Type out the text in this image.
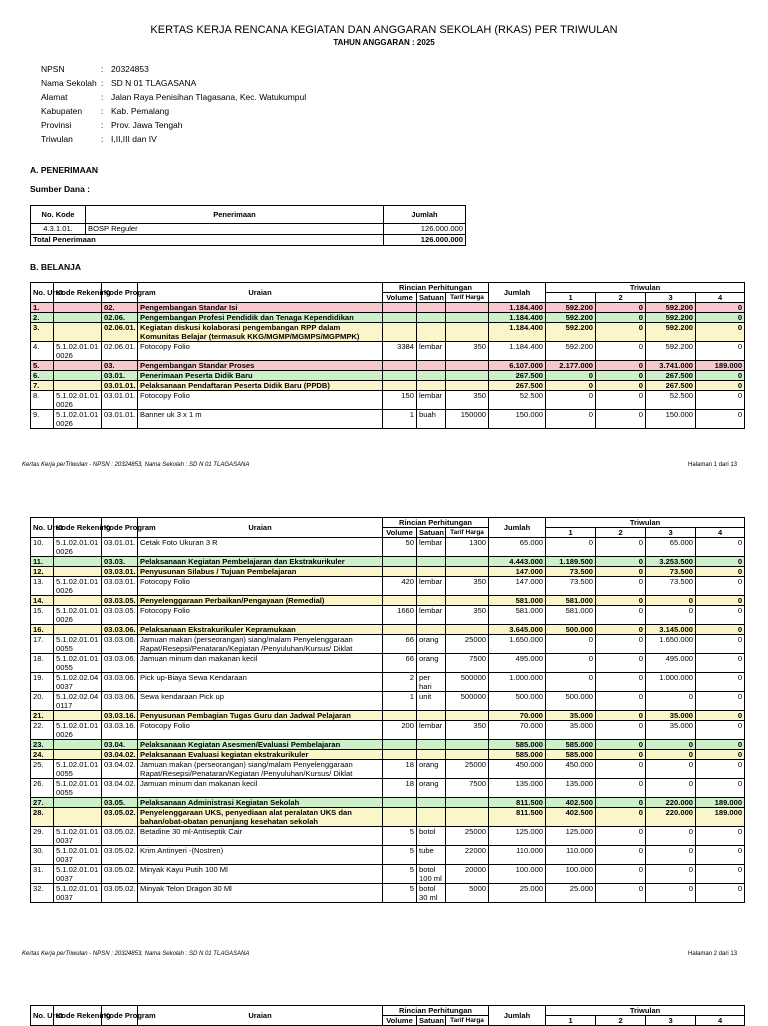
KERTAS KERJA RENCANA KEGIATAN DAN ANGGARAN SEKOLAH (RKAS) PER TRIWULAN
TAHUN ANGGARAN : 2025
NPSN	:	20324853
Nama Sekolah	:	SD N 01 TLAGASANA
Alamat	:	Jalan Raya Penisihan Tlagasana, Kec. Watukumpul
Kabupaten	:	Kab. Pemalang
Provinsi	:	Prov. Jawa Tengah
Triwulan	:	I,II,III dan IV
A. PENERIMAAN
Sumber Dana :
No. Kode	Penerimaan	Jumlah
4.3.1.01.	BOSP Reguler	126.000.000
Total Penerimaan		126.000.000
B. BELANJA
No. Urut	Kode Rekening	Kode Program	Uraian	Rincian Perhitungan			Jumlah	Triwulan			
				Volume	Satuan	Tarif Harga		1	2	3	4
1.		02.	Pengembangan Standar Isi				1.184.400	592.200	0	592.200	0
2.		02.06.	Pengembangan Profesi Pendidik dan Tenaga Kependidikan				1.184.400	592.200	0	592.200	0
3.		02.06.01.	Kegiatan diskusi kolaborasi pengembangan RPP dalam Komunitas Belajar (termasuk KKG/MGMP/MGMPS/MGPMPK)				1.184.400	592.200	0	592.200	0
4.	5.1.02.01.01 0026	02.06.01.	Fotocopy Folio	3384	lembar	350	1.184.400	592.200	0	592.200	0
5.		03.	Pengembangan Standar Proses				6.107.000	2.177.000	0	3.741.000	189.000
6.		03.01.	Penerimaan Peserta Didik Baru				267.500	0	0	267.500	0
7.		03.01.01.	Pelaksanaan Pendaftaran Peserta Didik Baru (PPDB)				267.500	0	0	267.500	0
8.	5.1.02.01.01 0026	03.01.01.	Fotocopy Folio	150	lembar	350	52.500	0	0	52.500	0
9.	5.1.02.01.01 0026	03.01.01.	Banner uk 3 x 1 m	1	buah	150000	150.000	0	0	150.000	0
Kertas Kerja perTriwulan - NPSN : 20324853, Nama Sekolah : SD N 01 TLAGASANA	Halaman 1 dari 13
No. Urut	Kode Rekening	Kode Program	Uraian	Rincian Perhitungan			Jumlah	Triwulan			
				Volume	Satuan	Tarif Harga		1	2	3	4
10.	5.1.02.01.01 0026	03.01.01.	Cetak Foto Ukuran 3 R	50	lembar	1300	65.000	0	0	65.000	0
11.		03.03.	Pelaksanaan Kegiatan Pembelajaran dan Ekstrakurikuler				4.443.000	1.189.500	0	3.253.500	0
12.		03.03.01.	Penyusunan Silabus / Tujuan Pembelajaran				147.000	73.500	0	73.500	0
13.	5.1.02.01.01 0026	03.03.01.	Fotocopy Folio	420	lembar	350	147.000	73.500	0	73.500	0
14.		03.03.05.	Penyelenggaraan Perbaikan/Pengayaan (Remedial)				581.000	581.000	0	0	0
15.	5.1.02.01.01 0026	03.03.05.	Fotocopy Folio	1660	lembar	350	581.000	581.000	0	0	0
16.		03.03.06.	Pelaksanaan Ekstrakurikuler Kepramukaan				3.645.000	500.000	0	3.145.000	0
17.	5.1.02.01.01 0055	03.03.06.	Jamuan makan (perseorangan) siang/malam Penyelenggaraan Rapat/Resepsi/Penataran/Kegiatan /Penyuluhan/Kursus/ Diklat	66	orang	25000	1.650.000	0	0	1.650.000	0
18.	5.1.02.01.01 0055	03.03.06.	Jamuan minum dan makanan kecil	66	orang	7500	495.000	0	0	495.000	0
19.	5.1.02.02.04 0037	03.03.06.	Pick up-Biaya Sewa Kendaraan	2	per hari	500000	1.000.000	0	0	1.000.000	0
20.	5.1.02.02.04 0117	03.03.06.	Sewa kendaraan Pick up	1	unit	500000	500.000	500.000	0	0	0
21.		03.03.16.	Penyusunan Pembagian Tugas Guru dan Jadwal Pelajaran				70.000	35.000	0	35.000	0
22.	5.1.02.01.01 0026	03.03.16.	Fotocopy Folio	200	lembar	350	70.000	35.000	0	35.000	0
23.		03.04.	Pelaksanaan Kegiatan Asesmen/Evaluasi Pembelajaran				585.000	585.000	0	0	0
24.		03.04.02.	Pelaksanaan Evaluasi kegiatan ekstrakurikuler				585.000	585.000	0	0	0
25.	5.1.02.01.01 0055	03.04.02.	Jamuan makan (perseorangan) siang/malam Penyelenggaraan Rapat/Resepsi/Penataran/Kegiatan /Penyuluhan/Kursus/ Diklat	18	orang	25000	450.000	450.000	0	0	0
26.	5.1.02.01.01 0055	03.04.02.	Jamuan minum dan makanan kecil	18	orang	7500	135.000	135.000	0	0	0
27.		03.05.	Pelaksanaan Administrasi Kegiatan Sekolah				811.500	402.500	0	220.000	189.000
28.		03.05.02.	Penyelenggaraan UKS, penyediaan alat peralatan UKS dan bahan/obat-obatan penunjang kesehatan sekolah				811.500	402.500	0	220.000	189.000
29.	5.1.02.01.01 0037	03.05.02.	Betadine 30 ml-Antiseptik Cair	5	botol	25000	125.000	125.000	0	0	0
30.	5.1.02.01.01 0037	03.05.02.	Krim Antinyeri -(Nostren)	5	tube	22000	110.000	110.000	0	0	0
31.	5.1.02.01.01 0037	03.05.02.	Minyak Kayu Putih 100 Ml	5	botol 100 ml	20000	100.000	100.000	0	0	0
32.	5.1.02.01.01 0037	03.05.02.	Minyak Telon Dragon 30 Ml	5	botol 30 ml	5000	25.000	25.000	0	0	0
Kertas Kerja perTriwulan - NPSN : 20324853, Nama Sekolah : SD N 01 TLAGASANA	Halaman 2 dari 13
No. Urut	Kode Rekening	Kode Program	Uraian	Rincian Perhitungan			Jumlah	Triwulan			
				Volume	Satuan	Tarif Harga		1	2	3	4
